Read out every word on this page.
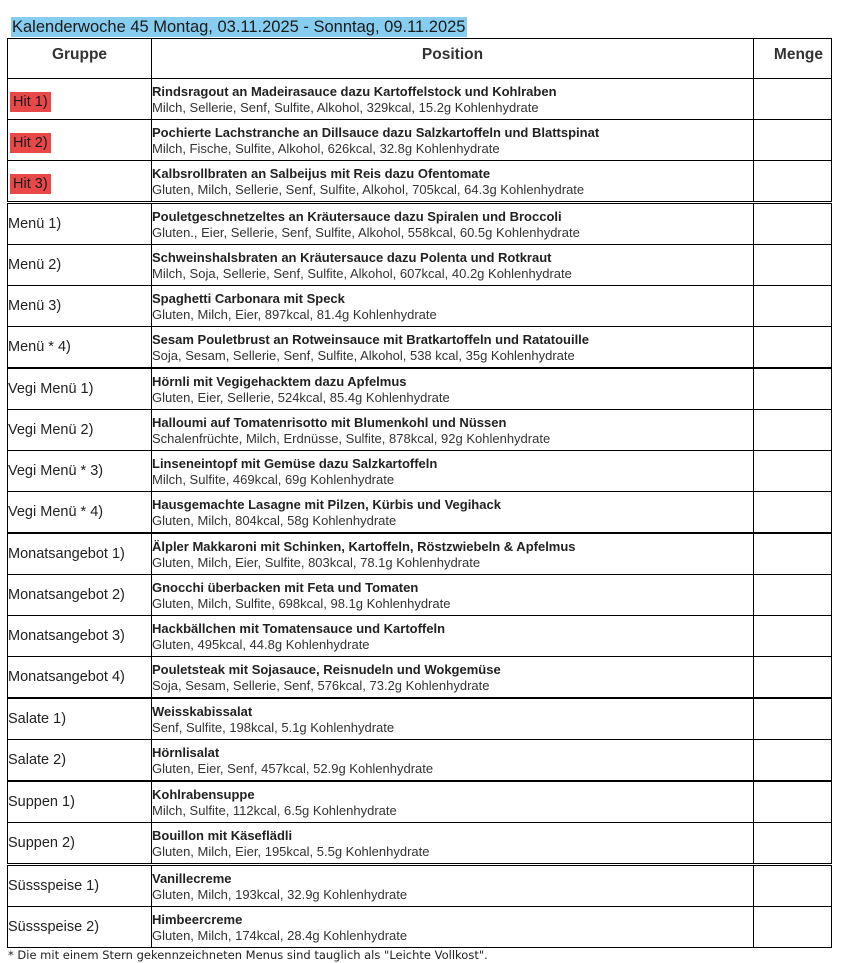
Kalenderwoche 45 Montag, 03.11.2025 - Sonntag, 09.11.2025
Gruppe	Position	Menge
Hit 1)	Rindsragout an Madeirasauce dazu Kartoffelstock und Kohlraben
Milch, Sellerie, Senf, Sulfite, Alkohol, 329kcal, 15.2g Kohlenhydrate	

Hit 2)	Pochierte Lachstranche an Dillsauce dazu Salzkartoffeln und Blattspinat
Milch, Fische, Sulfite, Alkohol, 626kcal, 32.8g Kohlenhydrate	

Hit 3)	Kalbsrollbraten an Salbeijus mit Reis dazu Ofentomate
Gluten, Milch, Sellerie, Senf, Sulfite, Alkohol, 705kcal, 64.3g Kohlenhydrate	

Menü 1)	Pouletgeschnetzeltes an Kräutersauce dazu Spiralen und Broccoli
Gluten., Eier, Sellerie, Senf, Sulfite, Alkohol, 558kcal, 60.5g Kohlenhydrate	

Menü 2)	Schweinshalsbraten an Kräutersauce dazu Polenta und Rotkraut
Milch, Soja, Sellerie, Senf, Sulfite, Alkohol, 607kcal, 40.2g Kohlenhydrate	

Menü 3)	Spaghetti Carbonara mit Speck
Gluten, Milch, Eier, 897kcal, 81.4g Kohlenhydrate	

Menü * 4)	Sesam Pouletbrust an Rotweinsauce mit Bratkartoffeln und Ratatouille
Soja, Sesam, Sellerie, Senf, Sulfite, Alkohol, 538 kcal, 35g Kohlenhydrate	

Vegi Menü 1)	Hörnli mit Vegigehacktem dazu Apfelmus
Gluten, Eier, Sellerie, 524kcal, 85.4g Kohlenhydrate	

Vegi Menü 2)	Halloumi auf Tomatenrisotto mit Blumenkohl und Nüssen
Schalenfrüchte, Milch, Erdnüsse, Sulfite, 878kcal, 92g Kohlenhydrate	

Vegi Menü * 3)	Linseneintopf mit Gemüse dazu Salzkartoffeln
Milch, Sulfite, 469kcal, 69g Kohlenhydrate	

Vegi Menü * 4)	Hausgemachte Lasagne mit Pilzen, Kürbis und Vegihack
Gluten, Milch, 804kcal, 58g Kohlenhydrate	

Monatsangebot 1)	Älpler Makkaroni mit Schinken, Kartoffeln, Röstzwiebeln & Apfelmus
Gluten, Milch, Eier, Sulfite, 803kcal, 78.1g Kohlenhydrate	

Monatsangebot 2)	Gnocchi überbacken mit Feta und Tomaten
Gluten, Milch, Sulfite, 698kcal, 98.1g Kohlenhydrate	

Monatsangebot 3)	Hackbällchen mit Tomatensauce und Kartoffeln
Gluten, 495kcal, 44.8g Kohlenhydrate	

Monatsangebot 4)	Pouletsteak mit Sojasauce, Reisnudeln und Wokgemüse
Soja, Sesam, Sellerie, Senf, 576kcal, 73.2g Kohlenhydrate	

Salate 1)	Weisskabissalat
Senf, Sulfite, 198kcal, 5.1g Kohlenhydrate	

Salate 2)	Hörnlisalat
Gluten, Eier, Senf, 457kcal, 52.9g Kohlenhydrate	

Suppen 1)	Kohlrabensuppe
Milch, Sulfite, 112kcal, 6.5g Kohlenhydrate	

Suppen 2)	Bouillon mit Käseflädli
Gluten, Milch, Eier, 195kcal, 5.5g Kohlenhydrate	

Süssspeise 1)	Vanillecreme
Gluten, Milch, 193kcal, 32.9g Kohlenhydrate	

Süssspeise 2)	Himbeercreme
Gluten, Milch, 174kcal, 28.4g Kohlenhydrate	

* Die mit einem Stern gekennzeichneten Menus sind tauglich als "Leichte Vollkost".
